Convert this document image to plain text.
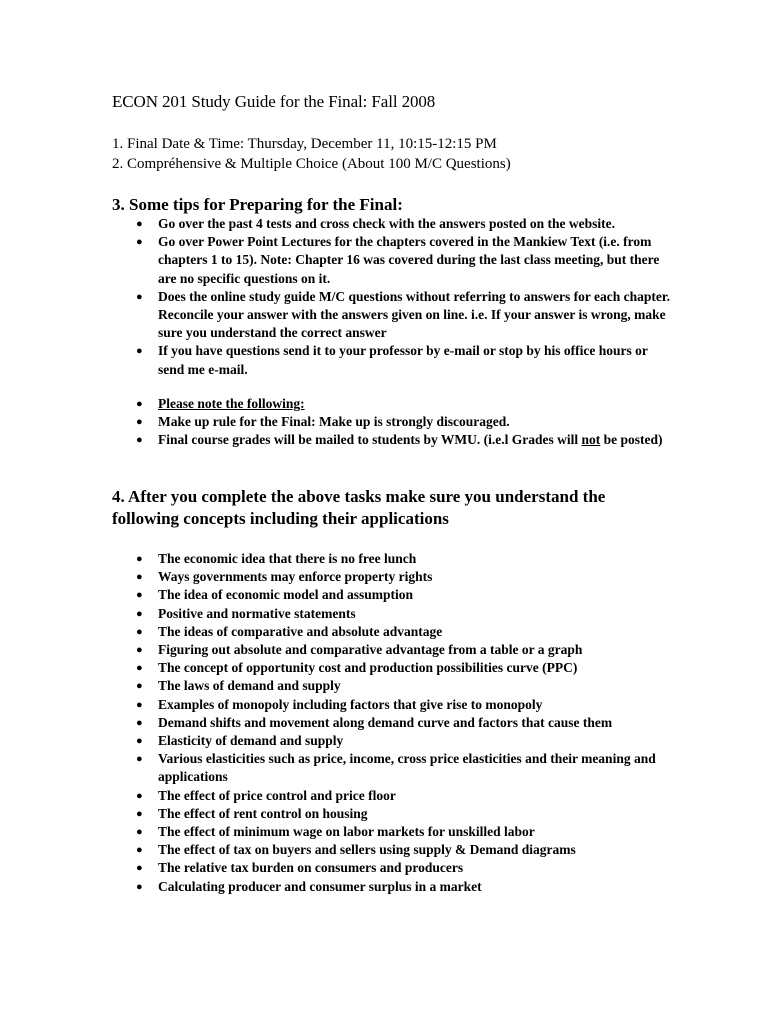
ECON 201 Study Guide for the Final: Fall 2008
1. Final Date & Time: Thursday, December 11, 10:15-12:15 PM
2. Compréhensive & Multiple Choice (About 100 M/C Questions)
3. Some tips for Preparing for the Final:
● Go over the past 4 tests and cross check with the answers posted on the website.
● Go over Power Point Lectures for the chapters covered in the Mankiew Text (i.e. from chapters 1 to 15). Note: Chapter 16 was covered during the last class meeting, but there are no specific questions on it.
● Does the online study guide M/C questions without referring to answers for each chapter. Reconcile your answer with the answers given on line. i.e. If your answer is wrong, make sure you understand the correct answer
● If you have questions send it to your professor by e-mail or stop by his office hours or send me e-mail.
● Please note the following:
● Make up rule for the Final: Make up is strongly discouraged.
● Final course grades will be mailed to students by WMU. (i.e.l Grades will not be posted)
4. After you complete the above tasks make sure you understand the following concepts including their applications
● The economic idea that there is no free lunch
● Ways governments may enforce property rights
● The idea of economic model and assumption
● Positive and normative statements
● The ideas of comparative and absolute advantage
● Figuring out absolute and comparative advantage from a table or a graph
● The concept of opportunity cost and production possibilities curve (PPC)
● The laws of demand and supply
● Examples of monopoly including factors that give rise to monopoly
● Demand shifts and movement along demand curve and factors that cause them
● Elasticity of demand and supply
● Various elasticities such as price, income, cross price elasticities and their meaning and applications
● The effect of price control and price floor
● The effect of rent control on housing
● The effect of minimum wage on labor markets for unskilled labor
● The effect of tax on buyers and sellers using supply & Demand diagrams
● The relative tax burden on consumers and producers
● Calculating producer and consumer surplus in a market
